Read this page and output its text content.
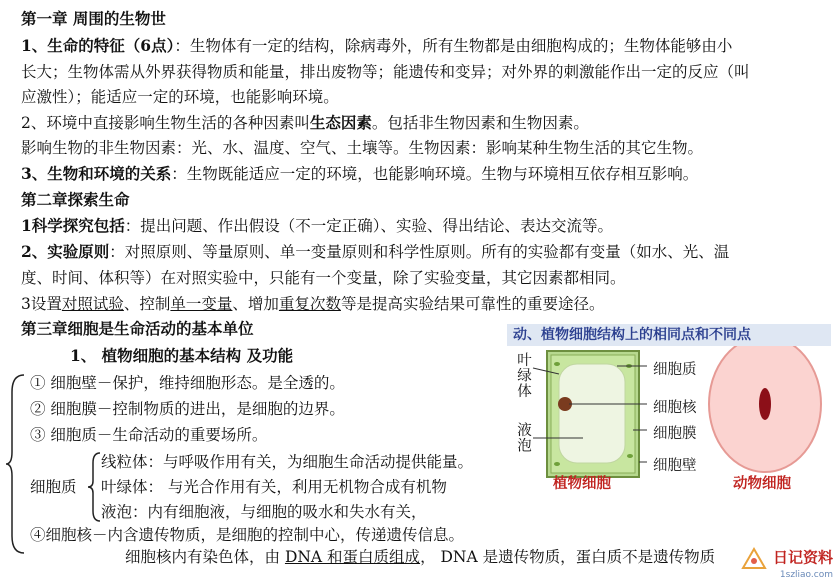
第一章 周围的生物世
1、生命的特征（6点）：生物体有一定的结构，除病毒外，所有生物都是由细胞构成的；生物体能够由小
长大；生物体需从外界获得物质和能量，排出废物等；能遗传和变异；对外界的刺激能作出一定的反应（叫
应激性）；能适应一定的环境，也能影响环境。
2、环境中直接影响生物生活的各种因素叫生态因素。包括非生物因素和生物因素。
影响生物的非生物因素：光、水、温度、空气、土壤等。生物因素：影响某种生物生活的其它生物。
3、生物和环境的关系：生物既能适应一定的环境，也能影响环境。生物与环境相互依存相互影响。
第二章探索生命
1科学探究包括：提出问题、作出假设（不一定正确）、实验、得出结论、表达交流等。
2、实验原则：对照原则、等量原则、单一变量原则和科学性原则。所有的实验都有变量（如水、光、温
度、时间、体积等）在对照实验中，只能有一个变量，除了实验变量，其它因素都相同。
3设置对照试验、控制单一变量、增加重复次数等是提高实验结果可靠性的重要途径。
第三章细胞是生命活动的基本单位
1、 植物细胞的基本结构 及功能
① 细胞壁－保护，维持细胞形态。是全透的。
② 细胞膜－控制物质的进出，是细胞的边界。
③ 细胞质－生命活动的重要场所。
细胞质
线粒体：与呼吸作用有关，为细胞生命活动提供能量。
叶绿体： 与光合作用有关，利用无机物合成有机物
液泡：内有细胞液，与细胞的吸水和失水有关，
④细胞核－内含遗传物质，是细胞的控制中心，传递遗传信息。
细胞核内有染色体，由 DNA 和蛋白质组成， DNA 是遗传物质，蛋白质不是遗传物质
动、植物细胞结构上的相同点和不同点
叶绿体
液泡
细胞质
细胞核
细胞膜
细胞壁
植物细胞	动物细胞
日记资料
1szliao.com
